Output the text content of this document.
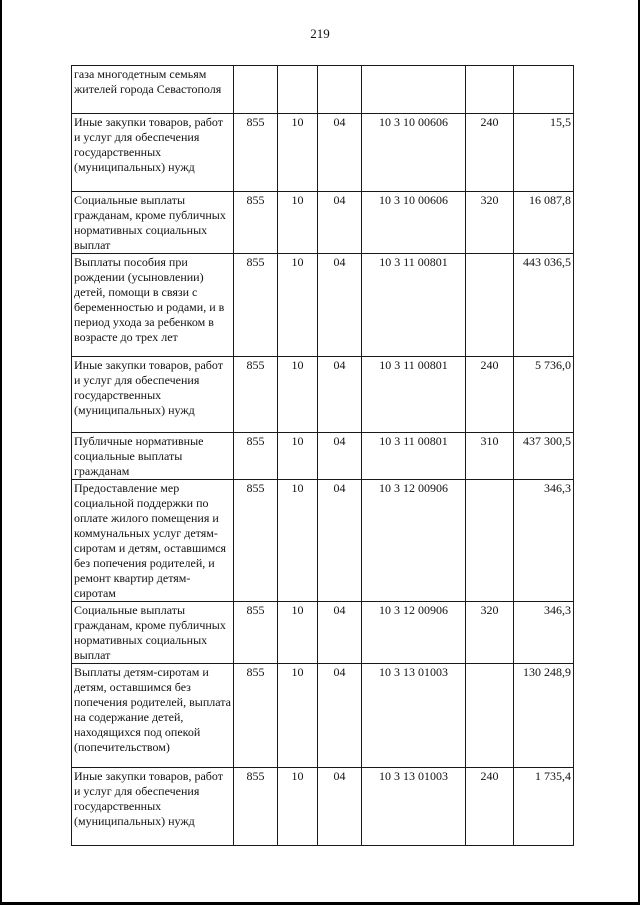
219
газа многодетным семьям жителей города Севастополя						
Иные закупки товаров, работ и услуг для обеспечения государственных (муниципальных) нужд	855	10	04	10 3 10 00606	240	15,5
Социальные выплаты гражданам, кроме публичных нормативных социальных выплат	855	10	04	10 3 10 00606	320	16 087,8
Выплаты пособия при рождении (усыновлении) детей, помощи в связи с беременностью и родами, и в период ухода за ребенком в возрасте до трех лет	855	10	04	10 3 11 00801		443 036,5
Иные закупки товаров, работ и услуг для обеспечения государственных (муниципальных) нужд	855	10	04	10 3 11 00801	240	5 736,0
Публичные нормативные социальные выплаты гражданам	855	10	04	10 3 11 00801	310	437 300,5
Предоставление мер социальной поддержки по оплате жилого помещения и коммунальных услуг детям-сиротам и детям, оставшимся без попечения родителей, и ремонт квартир детям-сиротам	855	10	04	10 3 12 00906		346,3
Социальные выплаты гражданам, кроме публичных нормативных социальных выплат	855	10	04	10 3 12 00906	320	346,3
Выплаты детям-сиротам и детям, оставшимся без попечения родителей, выплата на содержание детей, находящихся под опекой (попечительством)	855	10	04	10 3 13 01003		130 248,9
Иные закупки товаров, работ и услуг для обеспечения государственных (муниципальных) нужд	855	10	04	10 3 13 01003	240	1 735,4
